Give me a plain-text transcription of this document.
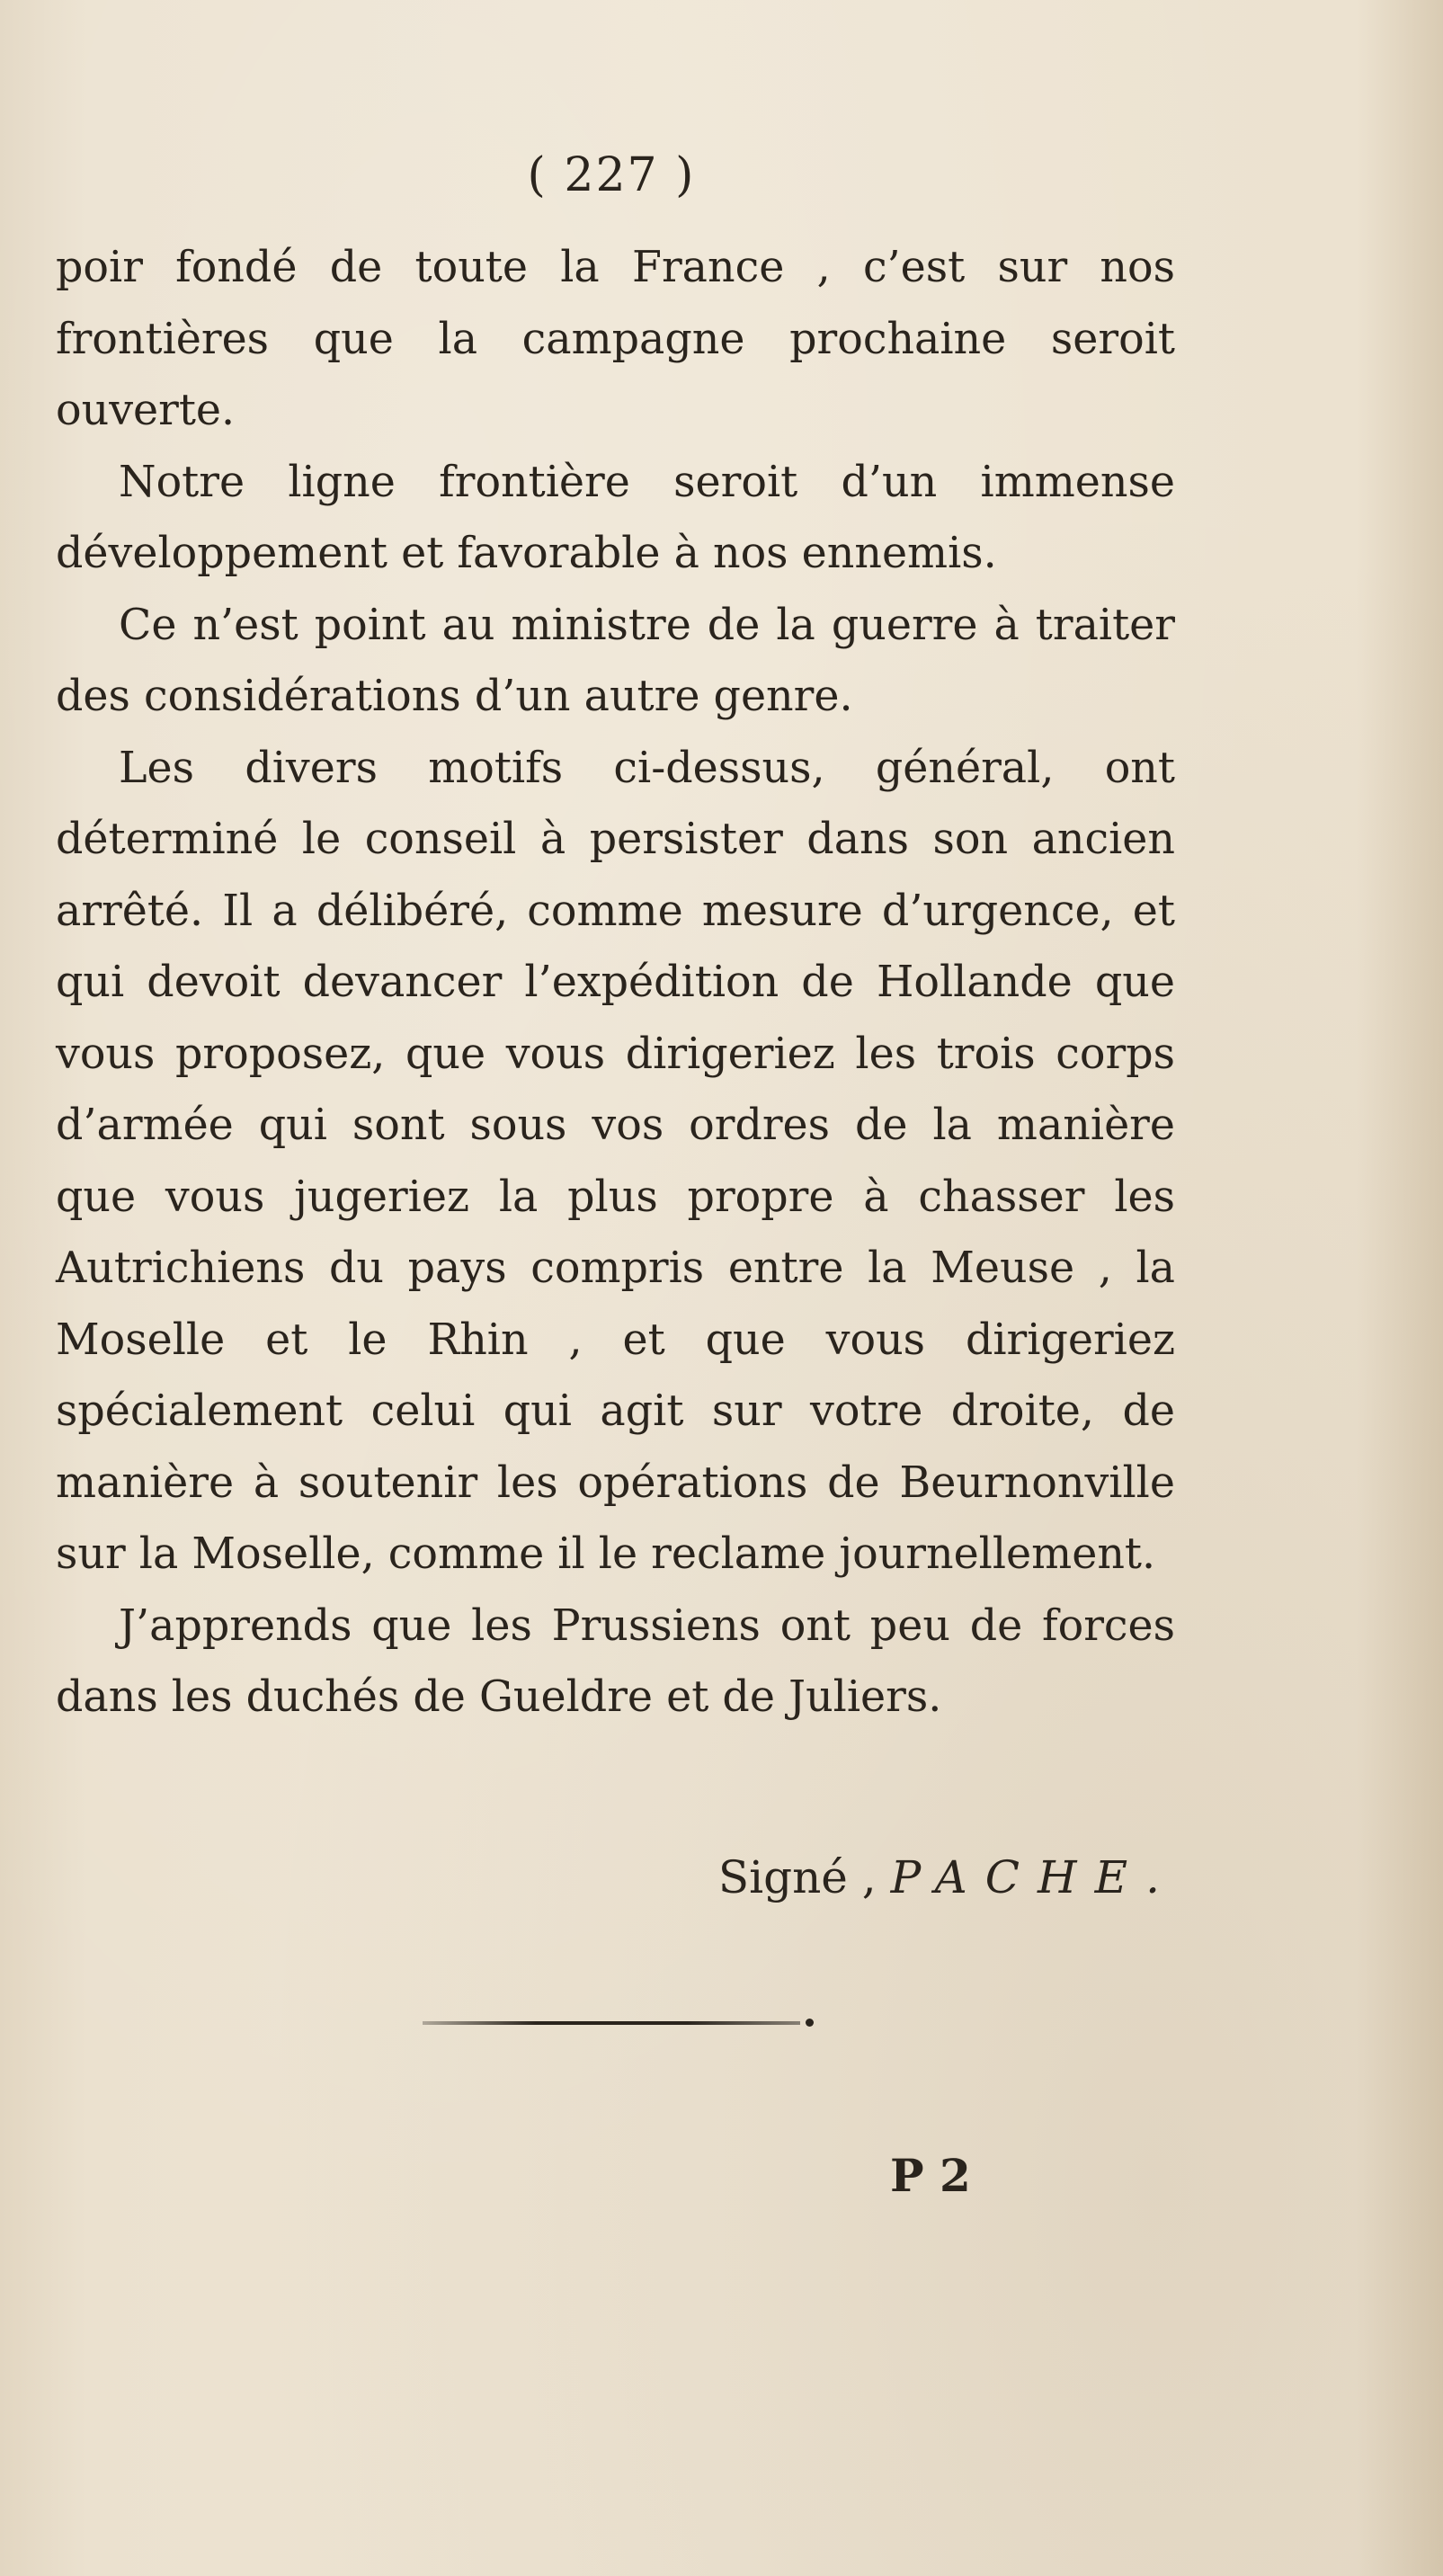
( 227 )

poir fondé de toute la France , c’est sur nos frontières que la campagne prochaine seroit ouverte.

Notre ligne frontière seroit d’un immense développement et favorable à nos ennemis.

Ce n’est point au ministre de la guerre à traiter des considérations d’un autre genre.

Les divers motifs ci-dessus, général, ont déterminé le conseil à persister dans son ancien arrêté. Il a délibéré, comme mesure d’urgence, et qui devoit devancer l’expédition de Hollande que vous proposez, que vous dirigeriez les trois corps d’armée qui sont sous vos ordres de la manière que vous jugeriez la plus propre à chasser les Autrichiens du pays compris entre la Meuse , la Moselle et le Rhin , et que vous dirigeriez spécialement celui qui agit sur votre droite, de manière à soutenir les opérations de Beurnonville sur la Moselle, comme il le reclame journellement.

J’apprends que les Prussiens ont peu de forces dans les duchés de Gueldre et de Juliers.

Signé , PACHE.
P 2
